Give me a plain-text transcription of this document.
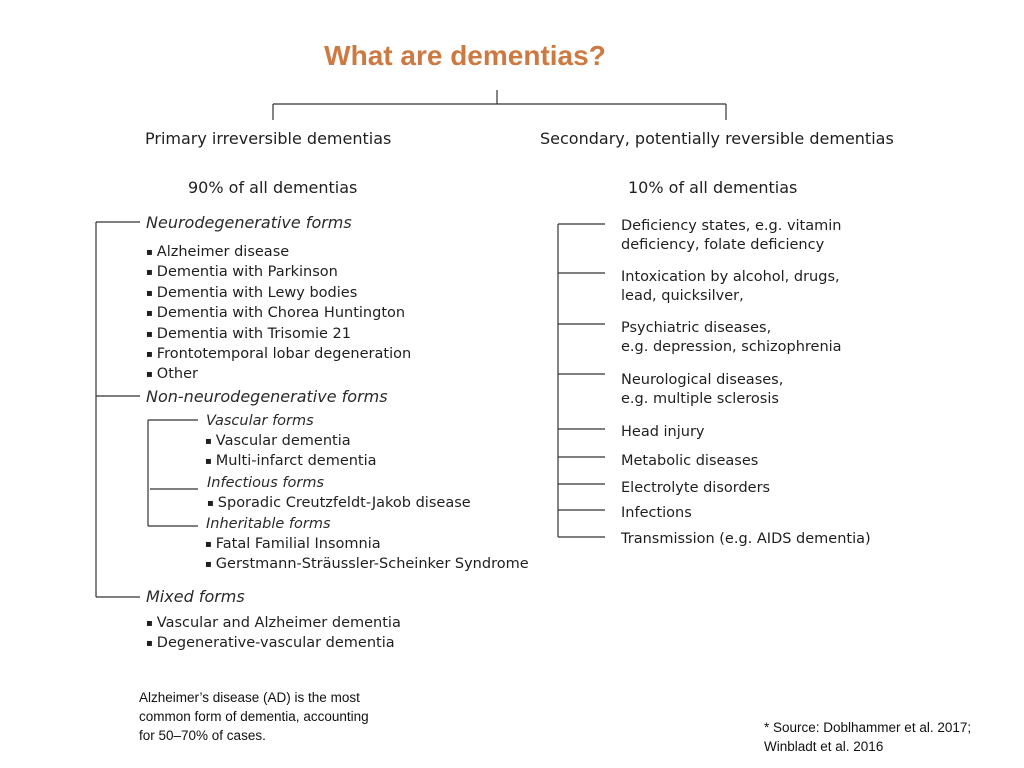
What are dementias?
Primary irreversible dementias
90% of all dementias
Neurodegenerative forms
▪ Alzheimer disease
▪ Dementia with Parkinson
▪ Dementia with Lewy bodies
▪ Dementia with Chorea Huntington
▪ Dementia with Trisomie 21
▪ Frontotemporal lobar degeneration
▪ Other
Non-neurodegenerative forms
Vascular forms
▪ Vascular dementia
▪ Multi-infarct dementia
Infectious forms
▪ Sporadic Creutzfeldt-Jakob disease
Inheritable forms
▪ Fatal Familial Insomnia
▪ Gerstmann-Sträussler-Scheinker Syndrome
Mixed forms
▪ Vascular and Alzheimer dementia
▪ Degenerative-vascular dementia
Secondary, potentially reversible dementias
10% of all dementias
Deficiency states, e.g. vitamin
deficiency, folate deficiency
Intoxication by alcohol, drugs,
lead, quicksilver,
Psychiatric diseases,
e.g. depression, schizophrenia
Neurological diseases,
e.g. multiple sclerosis
Head injury
Metabolic diseases
Electrolyte disorders
Infections
Transmission (e.g. AIDS dementia)
Alzheimer’s disease (AD) is the most
common form of dementia, accounting
for 50–70% of cases.
* Source: Doblhammer et al. 2017;
Winbladt et al. 2016
